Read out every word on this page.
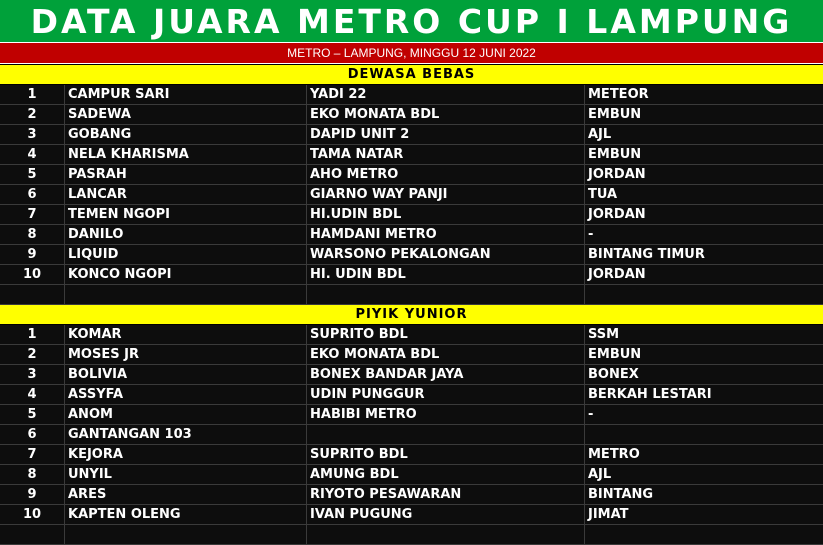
DATA JUARA METRO CUP I LAMPUNG
METRO – LAMPUNG, MINGGU 12 JUNI 2022
DEWASA BEBAS
1	CAMPUR SARI	YADI 22	METEOR
2	SADEWA	EKO MONATA BDL	EMBUN
3	GOBANG	DAPID UNIT 2	AJL
4	NELA KHARISMA	TAMA NATAR	EMBUN
5	PASRAH	AHO METRO	JORDAN
6	LANCAR	GIARNO WAY PANJI	TUA
7	TEMEN NGOPI	HI.UDIN BDL	JORDAN
8	DANILO	HAMDANI METRO	-
9	LIQUID	WARSONO PEKALONGAN	BINTANG TIMUR
10	KONCO NGOPI	HI. UDIN BDL	JORDAN
PIYIK YUNIOR
1	KOMAR	SUPRITO BDL	SSM
2	MOSES JR	EKO MONATA BDL	EMBUN
3	BOLIVIA	BONEX BANDAR JAYA	BONEX
4	ASSYFA	UDIN PUNGGUR	BERKAH LESTARI
5	ANOM	HABIBI METRO	-
6	GANTANGAN 103
7	KEJORA	SUPRITO BDL	METRO
8	UNYIL	AMUNG BDL	AJL
9	ARES	RIYOTO PESAWARAN	BINTANG
10	KAPTEN OLENG	IVAN PUGUNG	JIMAT
